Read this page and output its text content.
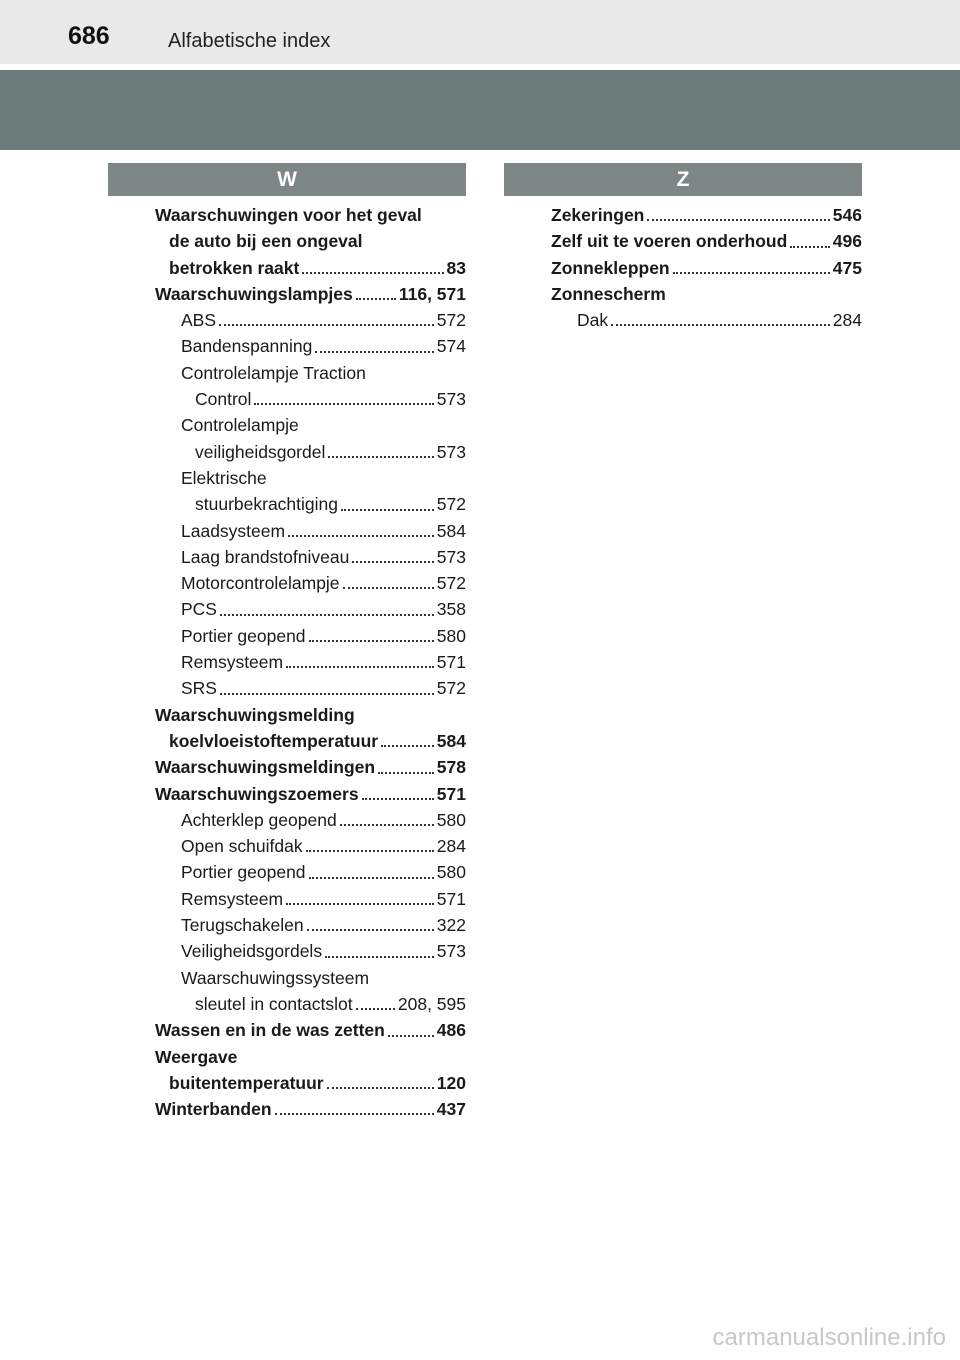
686	Alfabetische index
W
Waarschuwingen voor het geval
de auto bij een ongeval
betrokken raakt	83
Waarschuwingslampjes	116, 571
ABS	572
Bandenspanning	574
Controlelampje Traction
Control	573
Controlelampje
veiligheidsgordel	573
Elektrische
stuurbekrachtiging	572
Laadsysteem	584
Laag brandstofniveau	573
Motorcontrolelampje	572
PCS	358
Portier geopend	580
Remsysteem	571
SRS	572
Waarschuwingsmelding
koelvloeistoftemperatuur	584
Waarschuwingsmeldingen	578
Waarschuwingszoemers	571
Achterklep geopend	580
Open schuifdak	284
Portier geopend	580
Remsysteem	571
Terugschakelen	322
Veiligheidsgordels	573
Waarschuwingssysteem
sleutel in contactslot	208, 595
Wassen en in de was zetten	486
Weergave
buitentemperatuur	120
Winterbanden	437
Z
Zekeringen	546
Zelf uit te voeren onderhoud	496
Zonnekleppen	475
Zonnescherm
Dak	284
carmanualsonline.info
